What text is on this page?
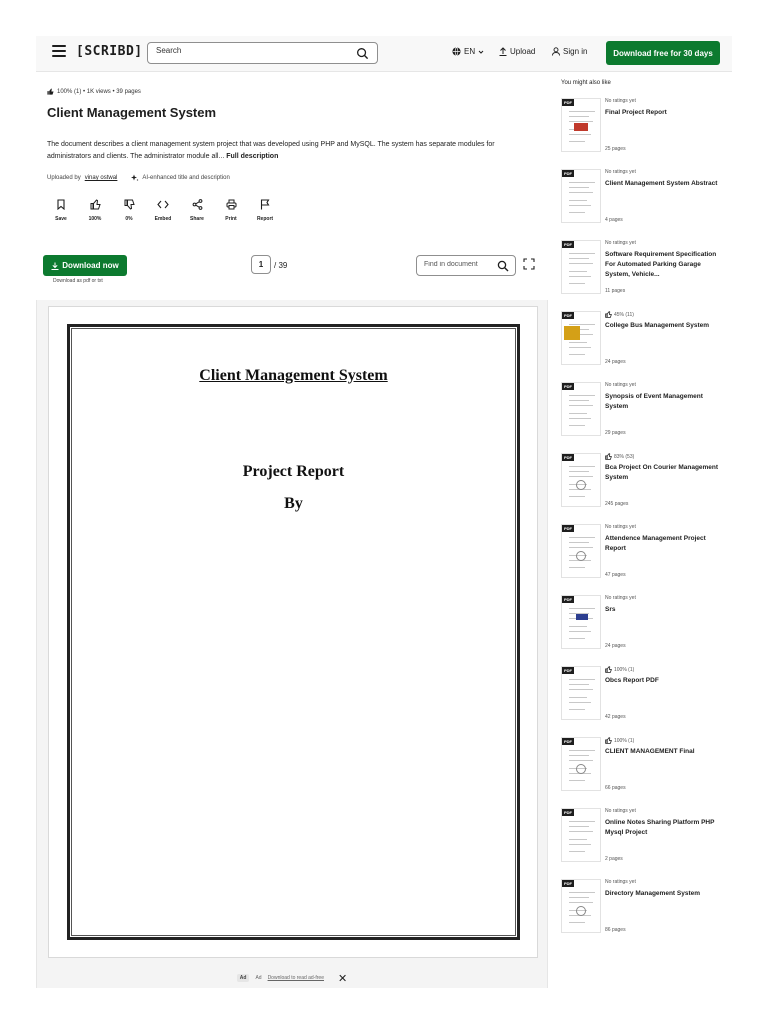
[SCRIBD]
Search	EN	Upload	Sign in	Download free for 30 days
100% (1) • 1K views • 39 pages
Client Management System
The document describes a client management system project that was developed using PHP and MySQL. The system has separate modules for administrators and clients. The administrator module all... Full description
Uploaded by vinay ostwal	AI-enhanced title and description
Save	100%	0%	Embed	Share	Print	Report
Download now
Download as pdf or txt
1	/ 39
Find in document
Client Management System
Project Report
By
Ad	Ad Download to read ad-free ✕
You might also like
PDF	No ratings yet
Final Project Report
25 pages
PDF	No ratings yet
Client Management System Abstract
4 pages
PDF	No ratings yet
Software Requirement Specification For Automated Parking Garage System, Vehicle...
11 pages
PDF	45% (11)
College Bus Management System
24 pages
PDF	No ratings yet
Synopsis of Event Management System
29 pages
PDF	83% (53)
Bca Project On Courier Management System
245 pages
PDF	No ratings yet
Attendence Management Project Report
47 pages
PDF	No ratings yet
Srs
24 pages
PDF	100% (1)
Obcs Report PDF
42 pages
PDF	100% (1)
CLIENT MANAGEMENT Final
66 pages
PDF	No ratings yet
Online Notes Sharing Platform PHP Mysql Project
2 pages
PDF	No ratings yet
Directory Management System
86 pages
